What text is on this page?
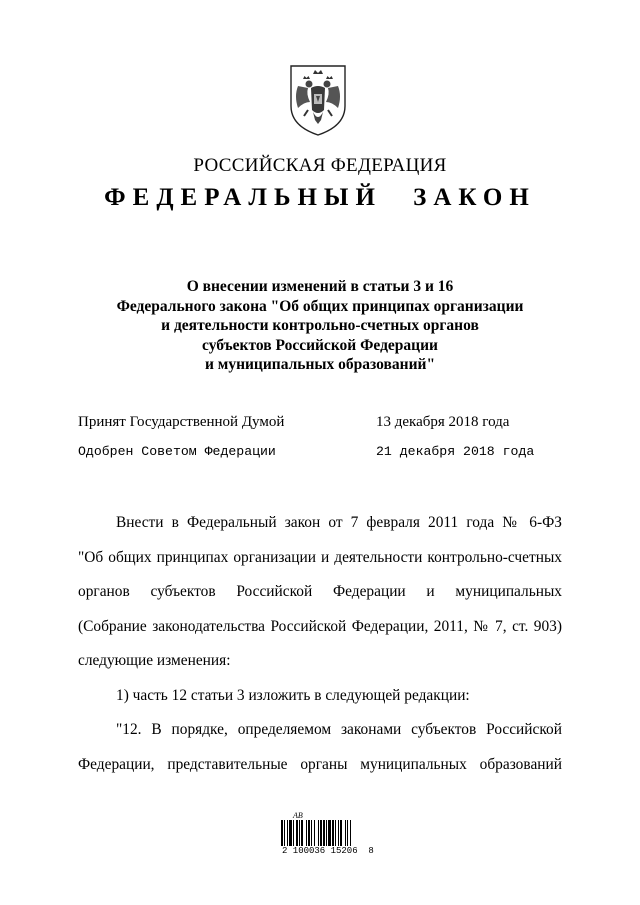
РОССИЙСКАЯ ФЕДЕРАЦИЯ
ФЕДЕРАЛЬНЫЙ ЗАКОН
О внесении изменений в статьи 3 и 16
Федерального закона "Об общих принципах организации
и деятельности контрольно-счетных органов
субъектов Российской Федерации
и муниципальных образований"
Принят Государственной Думой	13 декабря 2018 года
Одобрен Советом Федерации	21 декабря 2018 года
Внести в Федеральный закон от 7 февраля 2011 года № 6-ФЗ
"Об общих принципах организации и деятельности контрольно-счетных
органов субъектов Российской Федерации и муниципальных
(Собрание законодательства Российской Федерации, 2011, № 7, ст. 903)
следующие изменения:
1) часть 12 статьи 3 изложить в следующей редакции:
"12. В порядке, определяемом законами субъектов Российской
Федерации, представительные органы муниципальных образований
АВ
2 100036 15206  8
